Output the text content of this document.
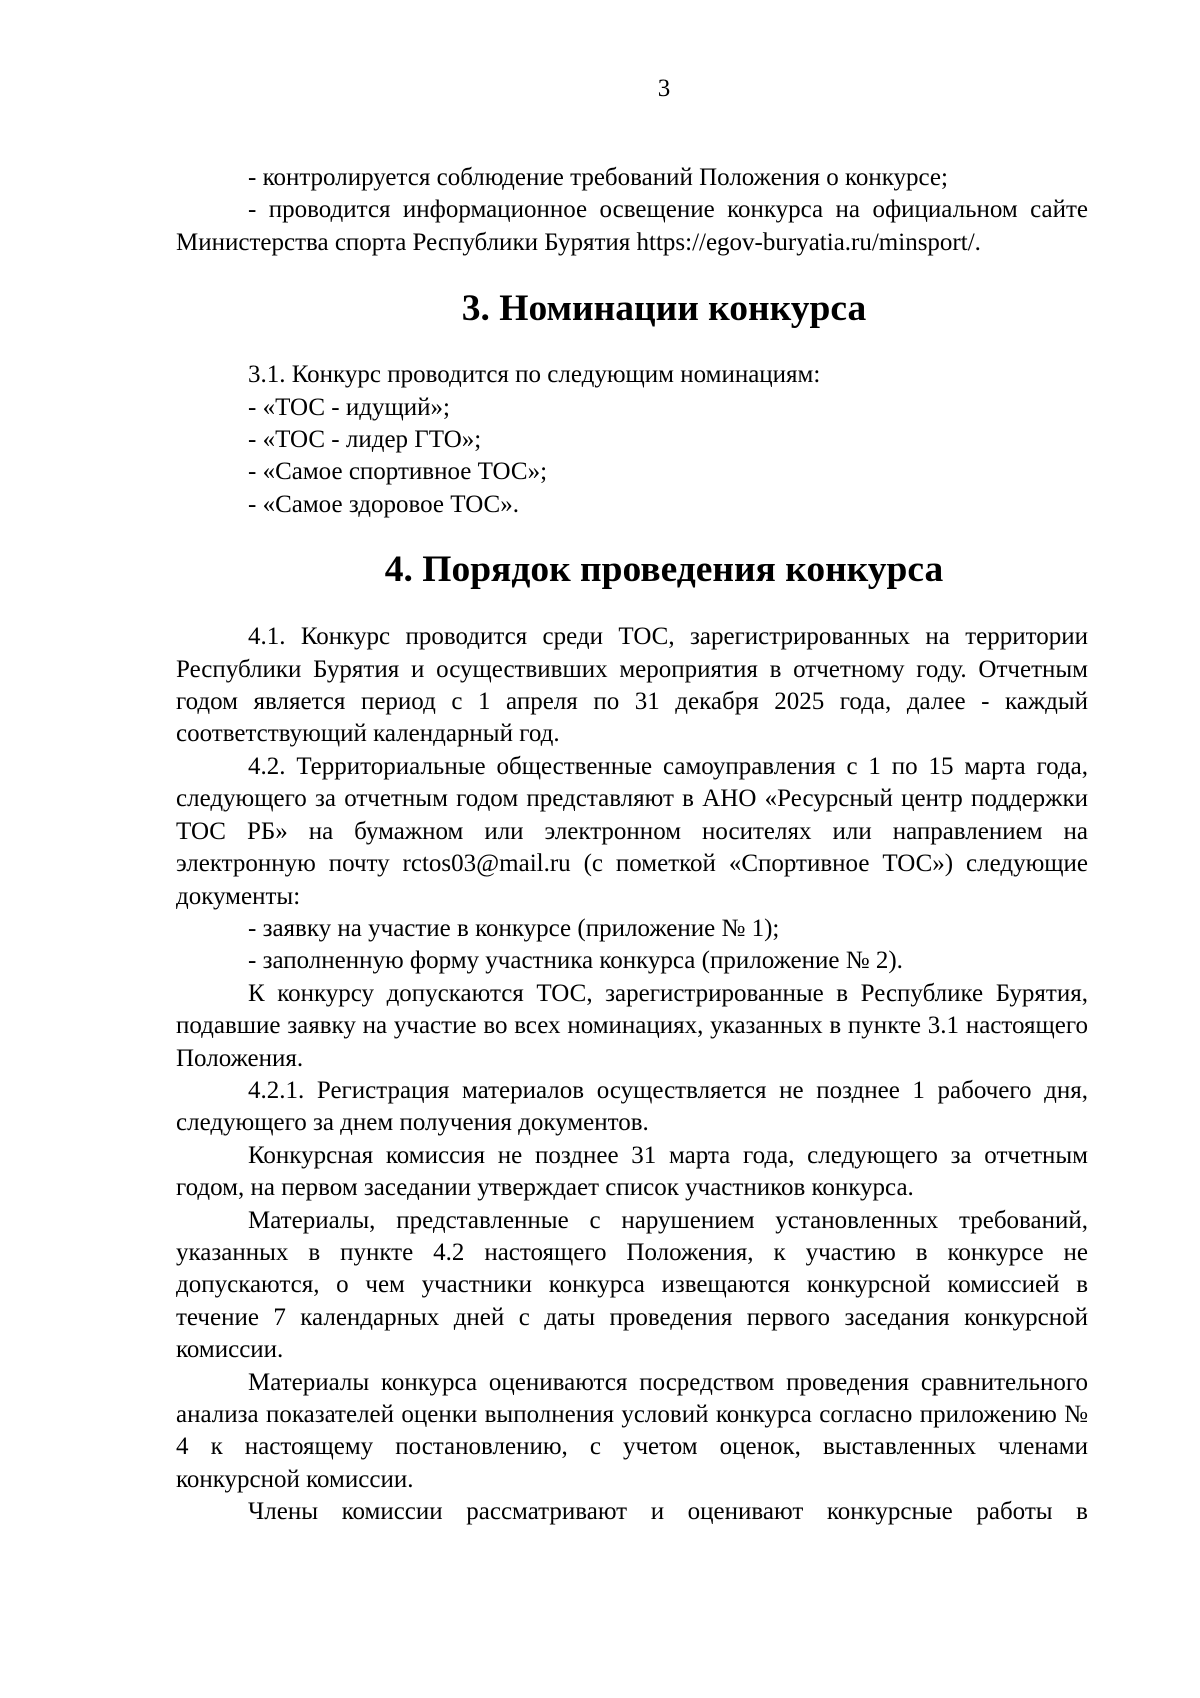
3

- контролируется соблюдение требований Положения о конкурсе;

- проводится информационное освещение конкурса на официальном сайте Министерства спорта Республики Бурятия https://egov-buryatia.ru/minsport/.

3. Номинации конкурса

3.1. Конкурс проводится по следующим номинациям:

- «ТОС - идущий»;

- «ТОС - лидер ГТО»;

- «Самое спортивное ТОС»;

- «Самое здоровое ТОС».

4. Порядок проведения конкурса

4.1. Конкурс проводится среди ТОС, зарегистрированных на территории Республики Бурятия и осуществивших мероприятия в отчетному году. Отчетным годом является период с 1 апреля по 31 декабря 2025 года, далее - каждый соответствующий календарный год.

4.2. Территориальные общественные самоуправления с 1 по 15 марта года, следующего за отчетным годом представляют в АНО «Ресурсный центр поддержки ТОС РБ» на бумажном или электронном носителях или направлением на электронную почту rctos03@mail.ru (с пометкой «Спортивное ТОС») следующие документы:

- заявку на участие в конкурсе (приложение № 1);

- заполненную форму участника конкурса (приложение № 2).

К конкурсу допускаются ТОС, зарегистрированные в Республике Бурятия, подавшие заявку на участие во всех номинациях, указанных в пункте 3.1 настоящего Положения.

4.2.1. Регистрация материалов осуществляется не позднее 1 рабочего дня, следующего за днем получения документов.

Конкурсная комиссия не позднее 31 марта года, следующего за отчетным годом, на первом заседании утверждает список участников конкурса.

Материалы, представленные с нарушением установленных требований, указанных в пункте 4.2 настоящего Положения, к участию в конкурсе не допускаются, о чем участники конкурса извещаются конкурсной комиссией в течение 7 календарных дней с даты проведения первого заседания конкурсной комиссии.

Материалы конкурса оцениваются посредством проведения сравнительного анализа показателей оценки выполнения условий конкурса согласно приложению № 4 к настоящему постановлению, с учетом оценок, выставленных членами конкурсной комиссии.

Члены комиссии рассматривают и оценивают конкурсные работы в
